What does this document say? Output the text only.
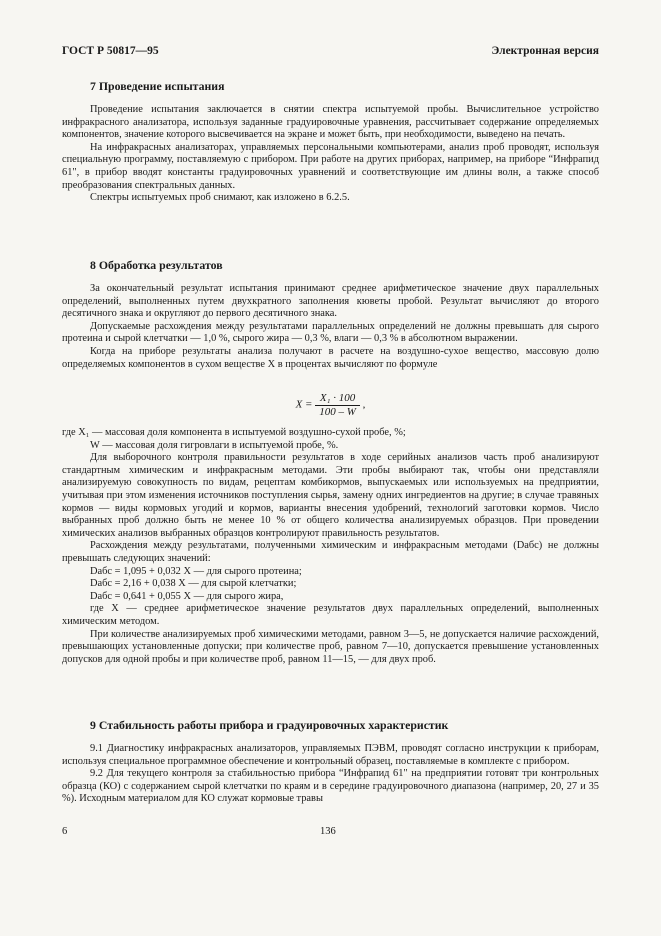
ГОСТ Р 50817—95	Электронная версия
7 Проведение испытания

Проведение испытания заключается в снятии спектра испытуемой пробы. Вычислительное устройство инфракрасного анализатора, используя заданные градуировочные уравнения, рассчитывает содержание определяемых компонентов, значение которого высвечивается на экране и может быть, при необходимости, выведено на печать.

На инфракрасных анализаторах, управляемых персональными компьютерами, анализ проб проводят, используя специальную программу, поставляемую с прибором. При работе на других приборах, например, на приборе “Инфрапид 61", в прибор вводят константы градуировочных уравнений и соответствующие им длины волн, а также способ преобразования спектральных данных.

Спектры испытуемых проб снимают, как изложено в 6.2.5.

8 Обработка результатов

За окончательный результат испытания принимают среднее арифметическое значение двух параллельных определений, выполненных путем двухкратного заполнения кюветы пробой. Результат вычисляют до второго десятичного знака и округляют до первого десятичного знака.

Допускаемые расхождения между результатами параллельных определений не должны превышать для сырого протеина и сырой клетчатки — 1,0 %, сырого жира — 0,3 %, влаги — 0,3 % в абсолютном выражении.

Когда на приборе результаты анализа получают в расчете на воздушно-сухое вещество, массовую долю определяемых компонентов в сухом веществе X в процентах вычисляют по формуле

$X = \frac{\text{X₁ · 100}}{100 - W}$ ,

где X₁ — массовая доля компонента в испытуемой воздушно-сухой пробе, %;

W — массовая доля гигровлаги в испытуемой пробе, %.

Для выборочного контроля правильности результатов в ходе серийных анализов часть проб анализируют стандартным химическим и инфракрасным методами. Эти пробы выбирают так, чтобы они представляли анализируемую совокупность по видам, рецептам комбикормов, выпускаемых или используемых на предприятии, учитывая при этом изменения источников поступления сырья, замену одних ингредиентов на другие; в случае травяных кормов — виды кормовых угодий и кормов, варианты внесения удобрений, технологий заготовки кормов. Число выбранных проб должно быть не менее 10 % от общего количества анализируемых образцов. При проведении химических анализов выбранных образцов контролируют правильность результатов.

Расхождения между результатами, полученными химическим и инфракрасным методами (Dабс) не должны превышать следующих значений:

Dабс = 1,095 + 0,032 X — для сырого протеина;
Dабс = 2,16 + 0,038 X — для сырой клетчатки;
Dабс = 0,641 + 0,055 X — для сырого жира,

где X — среднее арифметическое значение результатов двух параллельных определений, выполненных химическим методом.

При количестве анализируемых проб химическими методами, равном 3—5, не допускается наличие расхождений, превышающих установленные допуски; при количестве проб, равном 7—10, допускается превышение установленных допусков для одной пробы и при количестве проб, равном 11—15, — для двух проб.

9 Стабильность работы прибора и градуировочных характеристик

9.1 Диагностику инфракрасных анализаторов, управляемых ПЭВМ, проводят согласно инструкции к приборам, используя специальное программное обеспечение и контрольный образец, поставляемые в комплекте с прибором.

9.2 Для текущего контроля за стабильностью прибора “Инфрапид 61" на предприятии готовят три контрольных образца (КО) с содержанием сырой клетчатки по краям и в середине градуировочного диапазона (например, 20, 27 и 35 %). Исходным материалом для КО служат кормовые травы

6	136
